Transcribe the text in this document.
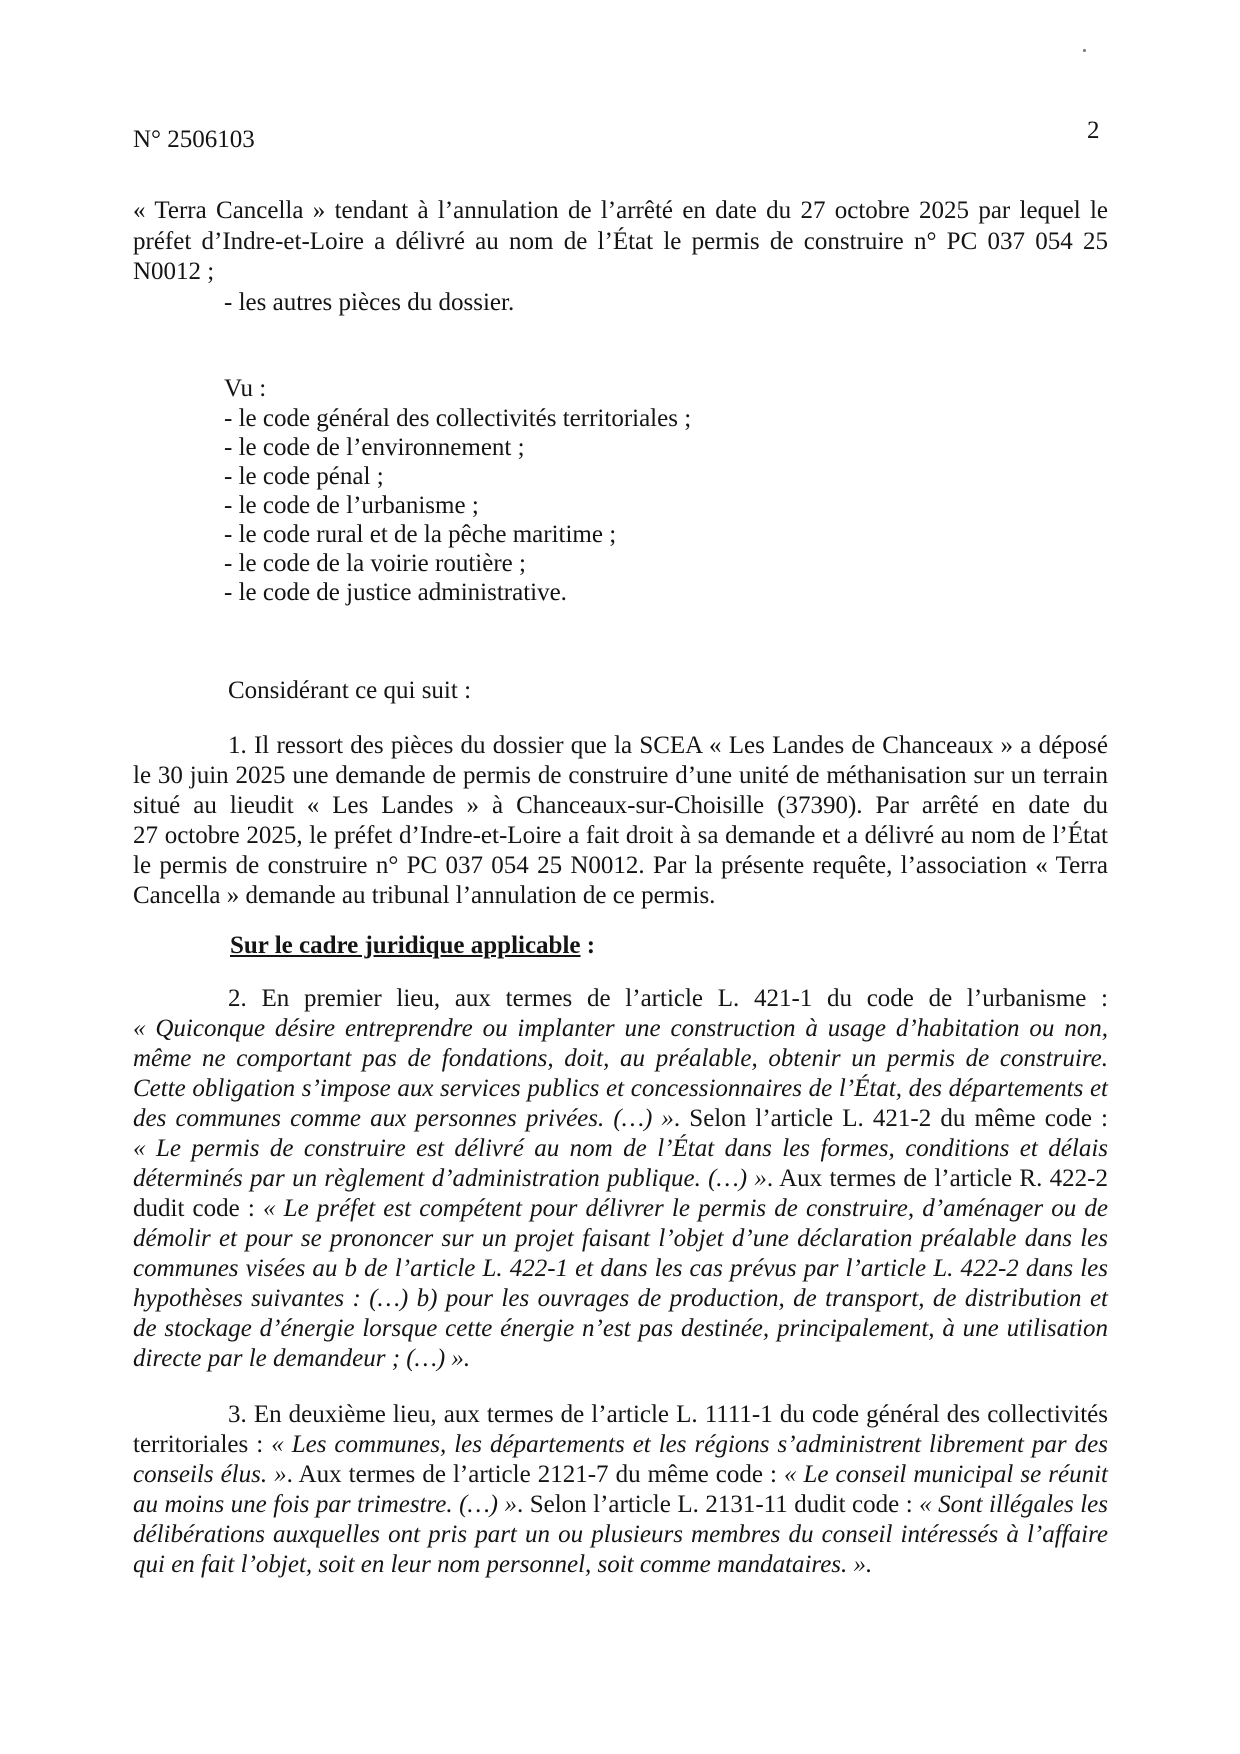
N° 2506103	2

« Terra Cancella » tendant à l’annulation de l’arrêté en date du 27 octobre 2025 par lequel le

préfet d’Indre-et-Loire a délivré au nom de l’État le permis de construire n° PC 037 054 25

N0012 ;

- les autres pièces du dossier.

Vu :

- le code général des collectivités territoriales ;

- le code de l’environnement ;

- le code pénal ;

- le code de l’urbanisme ;

- le code rural et de la pêche maritime ;

- le code de la voirie routière ;

- le code de justice administrative.

Considérant ce qui suit :

1. Il ressort des pièces du dossier que la SCEA « Les Landes de Chanceaux » a déposé

le 30 juin 2025 une demande de permis de construire d’une unité de méthanisation sur un terrain

situé au lieudit « Les Landes » à Chanceaux-sur-Choisille (37390). Par arrêté en date du

27 octobre 2025, le préfet d’Indre-et-Loire a fait droit à sa demande et a délivré au nom de l’État

le permis de construire n° PC 037 054 25 N0012. Par la présente requête, l’association « Terra

Cancella » demande au tribunal l’annulation de ce permis.

Sur le cadre juridique applicable :

2. En premier lieu, aux termes de l’article L. 421-1 du code de l’urbanisme :

« Quiconque désire entreprendre ou implanter une construction à usage d’habitation ou non,

même ne comportant pas de fondations, doit, au préalable, obtenir un permis de construire.

Cette obligation s’impose aux services publics et concessionnaires de l’État, des départements et

des communes comme aux personnes privées. (…) ». Selon l’article L. 421-2 du même code :

« Le permis de construire est délivré au nom de l’État dans les formes, conditions et délais

déterminés par un règlement d’administration publique. (…) ». Aux termes de l’article R. 422-2

dudit code : « Le préfet est compétent pour délivrer le permis de construire, d’aménager ou de

démolir et pour se prononcer sur un projet faisant l’objet d’une déclaration préalable dans les

communes visées au b de l’article L. 422-1 et dans les cas prévus par l’article L. 422-2 dans les

hypothèses suivantes : (…) b) pour les ouvrages de production, de transport, de distribution et

de stockage d’énergie lorsque cette énergie n’est pas destinée, principalement, à une utilisation

directe par le demandeur ; (…) ».

3. En deuxième lieu, aux termes de l’article L. 1111-1 du code général des collectivités

territoriales : « Les communes, les départements et les régions s’administrent librement par des

conseils élus. ». Aux termes de l’article 2121-7 du même code : « Le conseil municipal se réunit

au moins une fois par trimestre. (…) ». Selon l’article L. 2131-11 dudit code : « Sont illégales les

délibérations auxquelles ont pris part un ou plusieurs membres du conseil intéressés à l’affaire

qui en fait l’objet, soit en leur nom personnel, soit comme mandataires. ».
